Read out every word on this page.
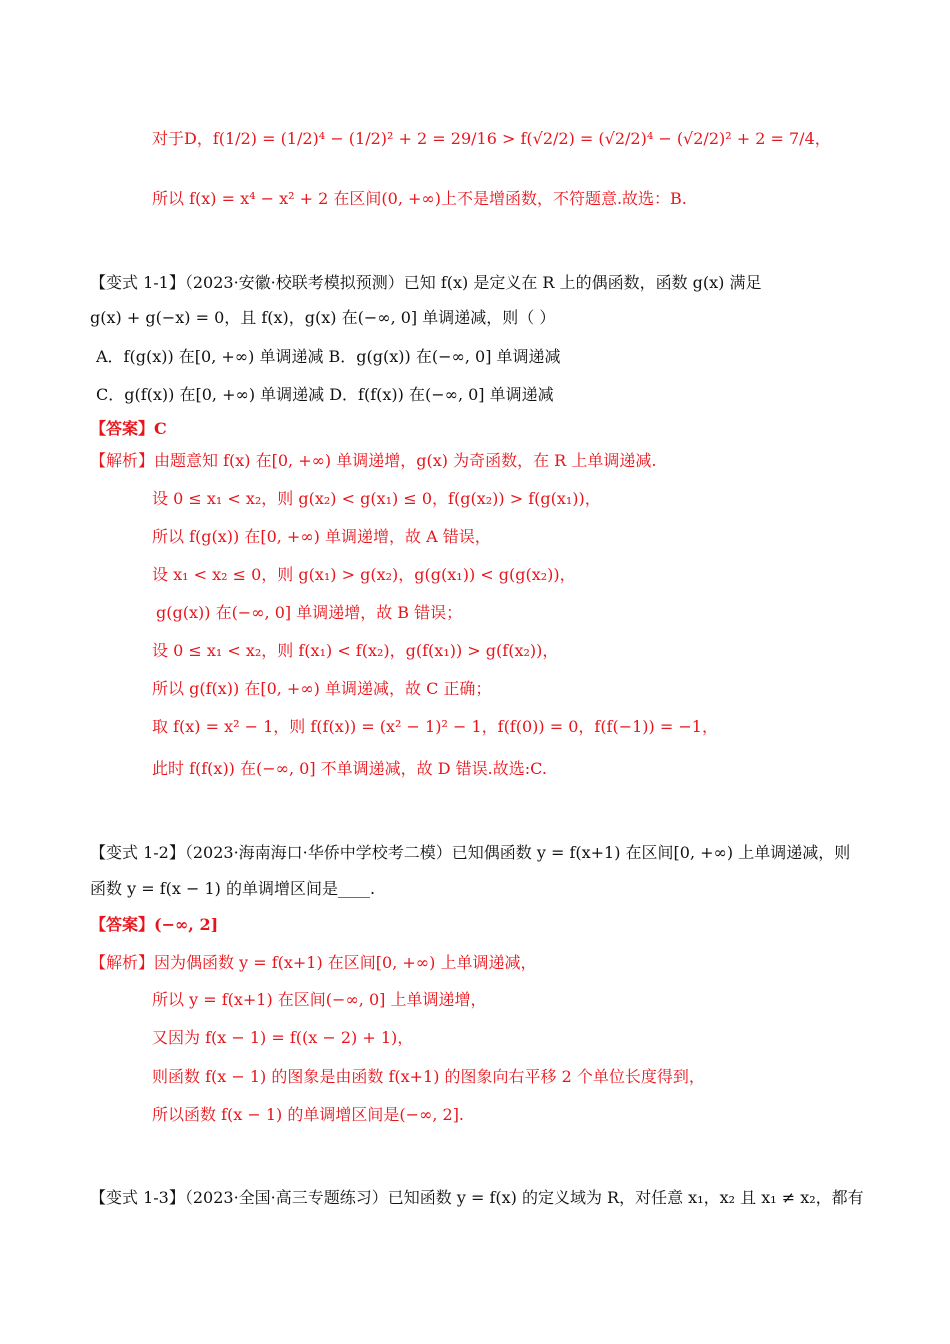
对于D，f(1/2) = (1/2)⁴ − (1/2)² + 2 = 29/16 > f(√2/2) = (√2/2)⁴ − (√2/2)² + 2 = 7/4，
所以 f(x) = x⁴ − x² + 2 在区间(0, +∞)上不是增函数，不符题意.故选：B.
【变式 1-1】（2023·安徽·校联考模拟预测）已知 f(x) 是定义在 R 上的偶函数，函数 g(x) 满足
g(x) + g(−x) = 0，且 f(x)，g(x) 在(−∞, 0] 单调递减，则（ ）
A．f(g(x)) 在[0, +∞) 单调递减 B．g(g(x)) 在(−∞, 0] 单调递减
C．g(f(x)) 在[0, +∞) 单调递减 D．f(f(x)) 在(−∞, 0] 单调递减
【答案】C
【解析】由题意知 f(x) 在[0, +∞) 单调递增，g(x) 为奇函数，在 R 上单调递减.
设 0 ≤ x₁ < x₂，则 g(x₂) < g(x₁) ≤ 0，f(g(x₂)) > f(g(x₁))，
所以 f(g(x)) 在[0, +∞) 单调递增，故 A 错误，
设 x₁ < x₂ ≤ 0，则 g(x₁) > g(x₂)，g(g(x₁)) < g(g(x₂))，
g(g(x)) 在(−∞, 0] 单调递增，故 B 错误；
设 0 ≤ x₁ < x₂，则 f(x₁) < f(x₂)，g(f(x₁)) > g(f(x₂))，
所以 g(f(x)) 在[0, +∞) 单调递减，故 C 正确；
取 f(x) = x² − 1，则 f(f(x)) = (x² − 1)² − 1，f(f(0)) = 0，f(f(−1)) = −1，
此时 f(f(x)) 在(−∞, 0] 不单调递减，故 D 错误.故选:C.
【变式 1-2】（2023·海南海口·华侨中学校考二模）已知偶函数 y = f(x+1) 在区间[0, +∞) 上单调递减，则
函数 y = f(x − 1) 的单调增区间是____.
【答案】(−∞, 2]
【解析】因为偶函数 y = f(x+1) 在区间[0, +∞) 上单调递减，
所以 y = f(x+1) 在区间(−∞, 0] 上单调递增，
又因为 f(x − 1) = f((x − 2) + 1)，
则函数 f(x − 1) 的图象是由函数 f(x+1) 的图象向右平移 2 个单位长度得到，
所以函数 f(x − 1) 的单调增区间是(−∞, 2].
【变式 1-3】（2023·全国·高三专题练习）已知函数 y = f(x) 的定义域为 R，对任意 x₁，x₂ 且 x₁ ≠ x₂，都有
